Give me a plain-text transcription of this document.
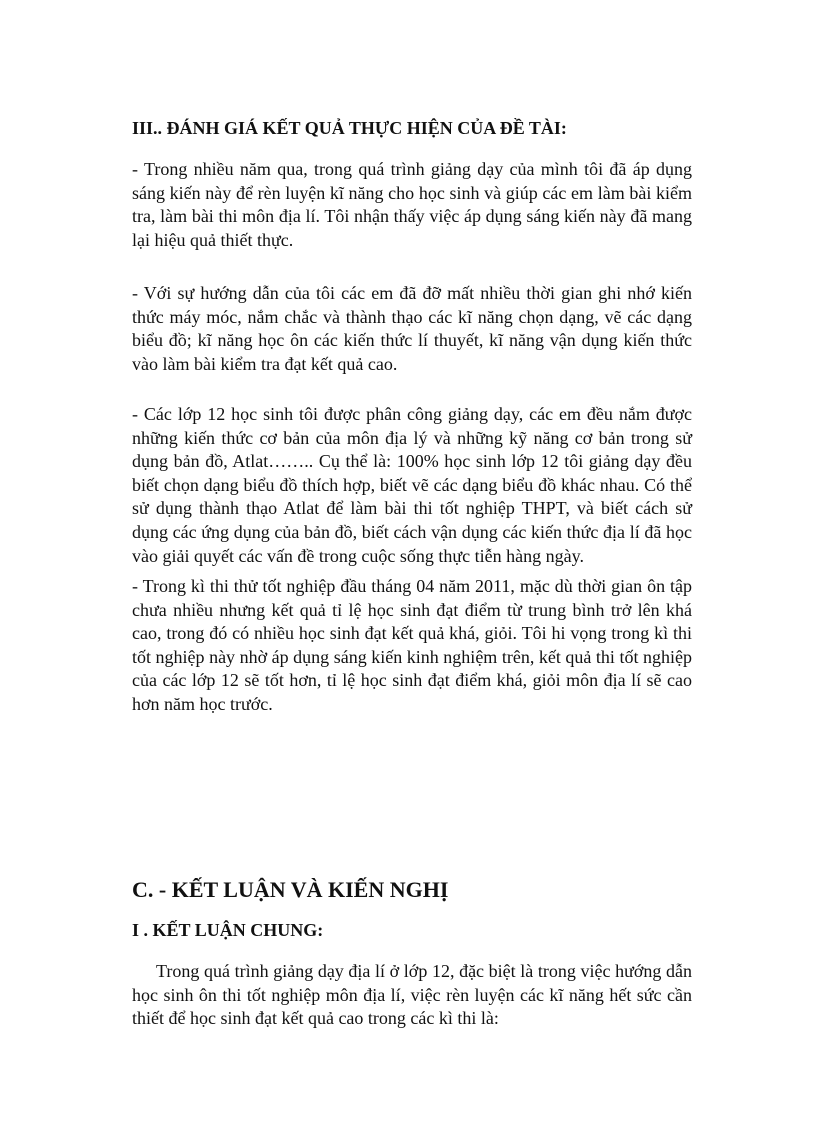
III.. ĐÁNH GIÁ KẾT QUẢ THỰC HIỆN CỦA ĐỀ TÀI:

- Trong nhiều năm qua, trong quá trình giảng dạy của mình tôi đã áp dụng sáng kiến này để rèn luyện kĩ năng cho học sinh và giúp các em làm bài kiểm tra, làm bài thi môn địa lí. Tôi nhận thấy việc áp dụng sáng kiến này đã mang lại hiệu quả thiết thực.

- Với sự hướng dẫn của tôi các em đã đỡ mất nhiều thời gian ghi nhớ kiến thức máy móc, nắm chắc và thành thạo các kĩ năng chọn dạng, vẽ các dạng biểu đồ; kĩ năng học ôn các kiến thức lí thuyết, kĩ năng vận dụng kiến thức vào làm bài kiểm tra đạt kết quả cao.

- Các lớp 12 học sinh tôi được phân công giảng dạy, các em đều nắm được những kiến thức cơ bản của môn địa lý và những kỹ năng cơ bản trong sử dụng bản đồ, Atlat…….. Cụ thể là: 100% học sinh lớp 12 tôi giảng dạy đều biết chọn dạng biểu đồ thích hợp, biết vẽ các dạng biểu đồ khác nhau. Có thể sử dụng thành thạo Atlat để làm bài thi tốt nghiệp THPT, và biết cách sử dụng các ứng dụng của bản đồ, biết cách vận dụng các kiến thức địa lí đã học vào giải quyết các vấn đề trong cuộc sống thực tiễn hàng ngày.

- Trong kì thi thử tốt nghiệp đầu tháng 04 năm 2011, mặc dù thời gian ôn tập chưa nhiều nhưng kết quả tỉ lệ học sinh đạt điểm từ trung bình trở lên khá cao, trong đó có nhiều học sinh đạt kết quả khá, giỏi. Tôi hi vọng trong kì thi tốt nghiệp này nhờ áp dụng sáng kiến kinh nghiệm trên, kết quả thi tốt nghiệp của các lớp 12 sẽ tốt hơn, tỉ lệ học sinh đạt điểm khá, giỏi môn địa lí sẽ cao hơn năm học trước.

C. - KẾT LUẬN VÀ KIẾN NGHỊ
I . KẾT LUẬN CHUNG:

Trong quá trình giảng dạy địa lí ở lớp 12, đặc biệt là trong việc hướng dẫn học sinh ôn thi tốt nghiệp môn địa lí, việc rèn luyện các kĩ năng hết sức cần thiết để học sinh đạt kết quả cao trong các kì thi là:
